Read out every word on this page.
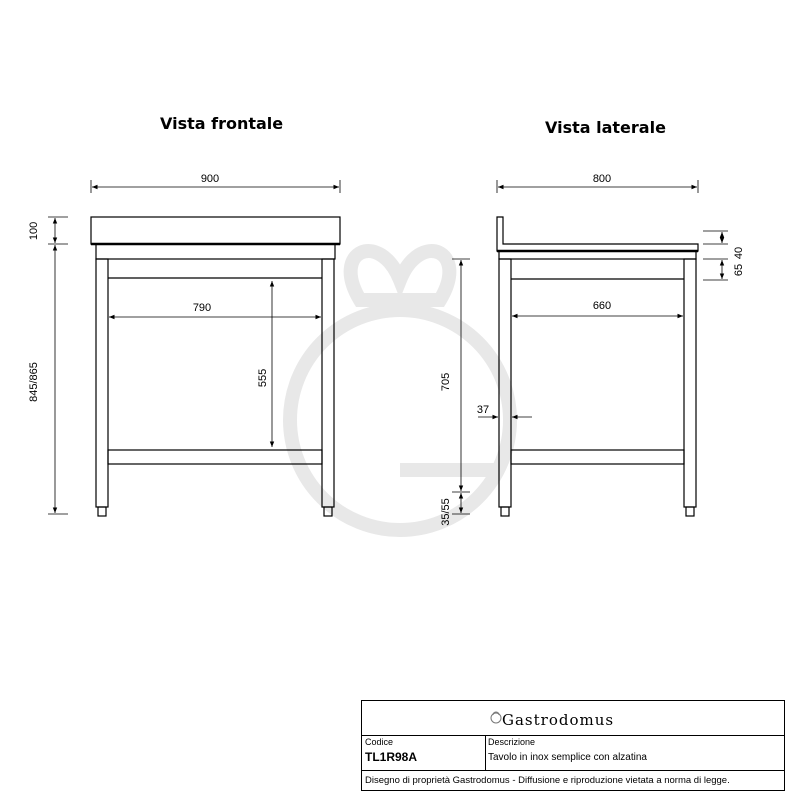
Vista frontale	Vista laterale
900
790
555
100
845/865
800
660
705
35/55
37
40
65
Gastrodomus
Codice
TL1R98A
Descrizione
Tavolo in inox semplice con alzatina
Disegno di proprietà Gastrodomus - Diffusione e riproduzione vietata a norma di legge.
